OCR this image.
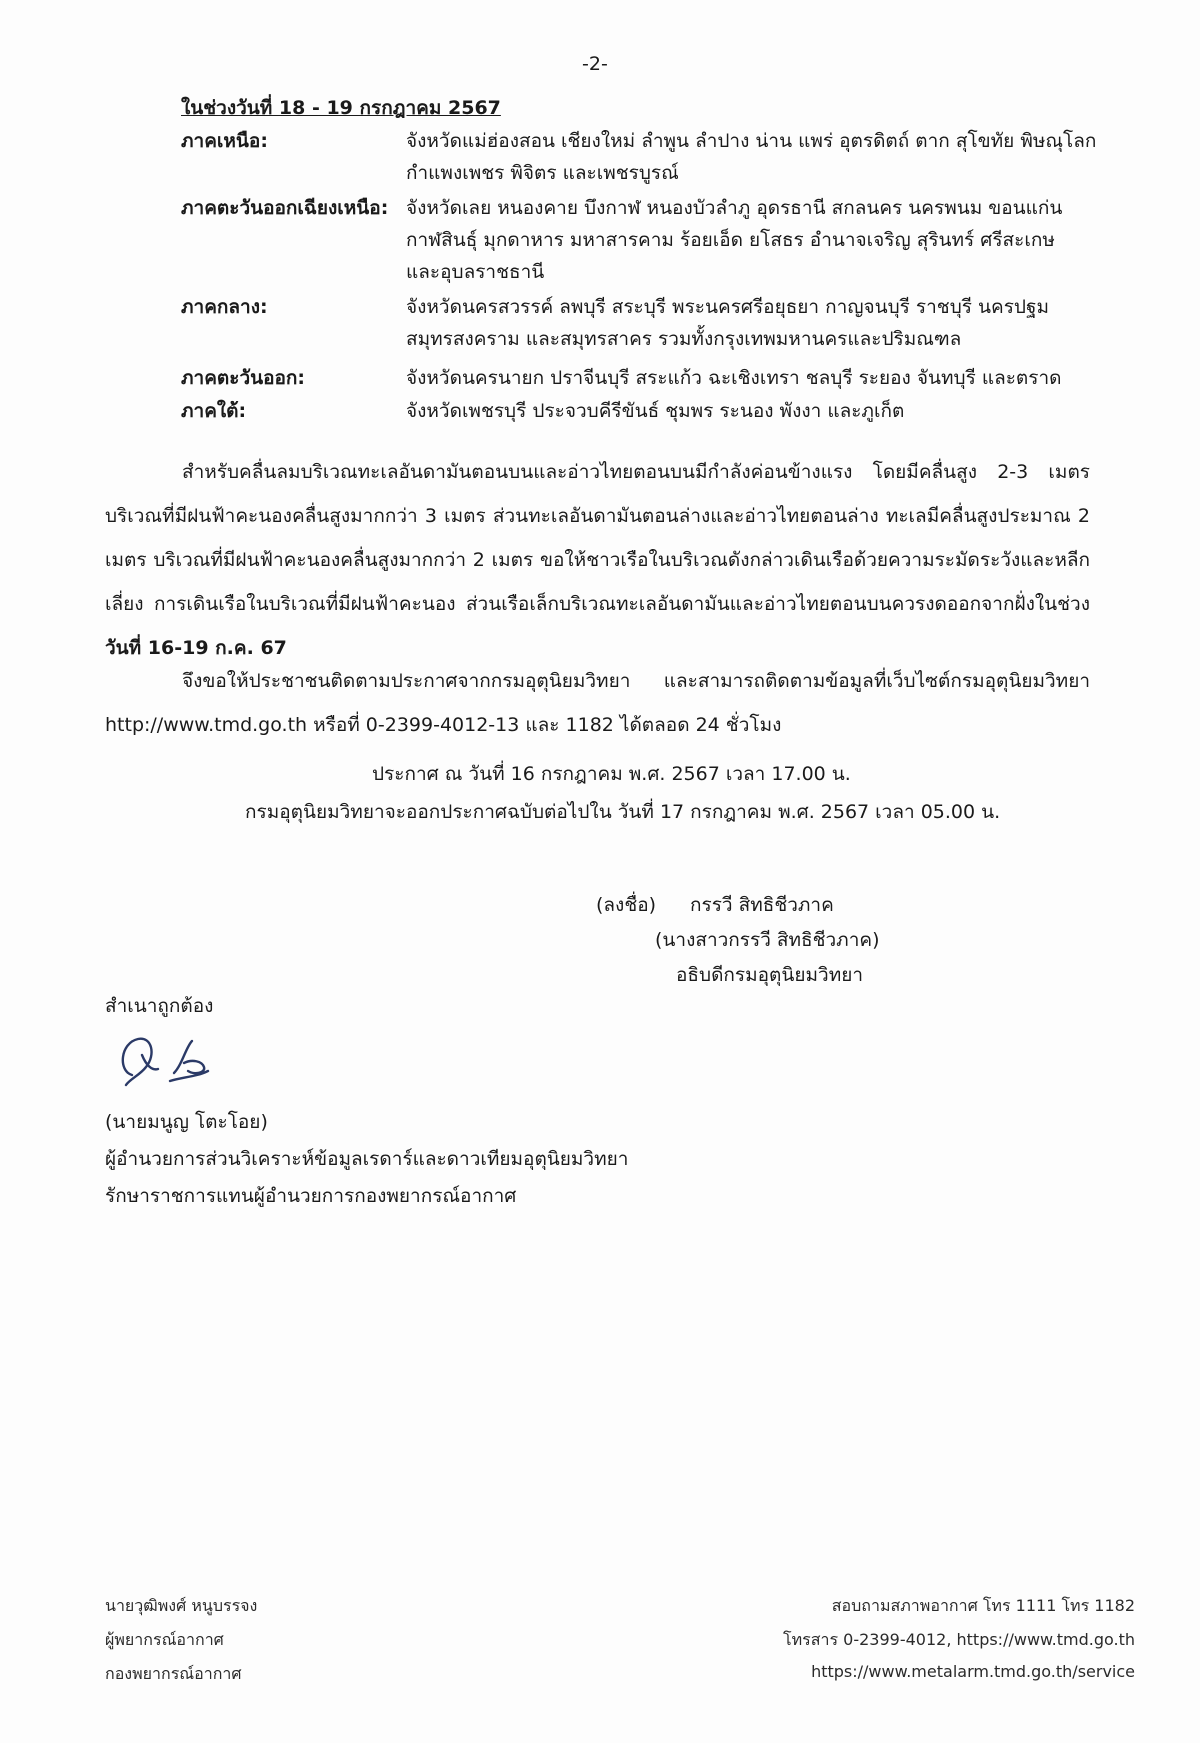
-2-
ในช่วงวันที่ 18 - 19 กรกฎาคม 2567
ภาคเหนือ:	จังหวัดแม่ฮ่องสอน เชียงใหม่ ลำพูน ลำปาง น่าน แพร่ อุตรดิตถ์ ตาก สุโขทัย พิษณุโลก
กำแพงเพชร พิจิตร และเพชรบูรณ์
ภาคตะวันออกเฉียงเหนือ: จังหวัดเลย หนองคาย บึงกาฬ หนองบัวลำภู อุดรธานี สกลนคร นครพนม ขอนแก่น
กาฬสินธุ์ มุกดาหาร มหาสารคาม ร้อยเอ็ด ยโสธร อำนาจเจริญ สุรินทร์ ศรีสะเกษ
และอุบลราชธานี
ภาคกลาง:	จังหวัดนครสวรรค์ ลพบุรี สระบุรี พระนครศรีอยุธยา กาญจนบุรี ราชบุรี นครปฐม
สมุทรสงคราม และสมุทรสาคร รวมทั้งกรุงเทพมหานครและปริมณฑล
ภาคตะวันออก:	จังหวัดนครนายก ปราจีนบุรี สระแก้ว ฉะเชิงเทรา ชลบุรี ระยอง จันทบุรี และตราด
ภาคใต้:	จังหวัดเพชรบุรี ประจวบคีรีขันธ์ ชุมพร ระนอง พังงา และภูเก็ต
สำหรับคลื่นลมบริเวณทะเลอันดามันตอนบนและอ่าวไทยตอนบนมีกำลังค่อนข้างแรง โดยมีคลื่นสูง 2-3 เมตร บริเวณที่มีฝนฟ้าคะนองคลื่นสูงมากกว่า 3 เมตร ส่วนทะเลอันดามันตอนล่างและอ่าวไทยตอนล่าง ทะเลมีคลื่นสูงประมาณ 2 เมตร บริเวณที่มีฝนฟ้าคะนองคลื่นสูงมากกว่า 2 เมตร ขอให้ชาวเรือในบริเวณดังกล่าวเดินเรือด้วยความระมัดระวังและหลีกเลี่ยง การเดินเรือในบริเวณที่มีฝนฟ้าคะนอง ส่วนเรือเล็กบริเวณทะเลอันดามันและอ่าวไทยตอนบนควรงดออกจากฝั่งในช่วงวันที่ 16-19 ก.ค. 67
จึงขอให้ประชาชนติดตามประกาศจากกรมอุตุนิยมวิทยา และสามารถติดตามข้อมูลที่เว็บไซต์กรมอุตุนิยมวิทยา http://www.tmd.go.th หรือที่ 0-2399-4012-13 และ 1182 ได้ตลอด 24 ชั่วโมง
ประกาศ ณ วันที่ 16 กรกฎาคม พ.ศ. 2567 เวลา 17.00 น.
กรมอุตุนิยมวิทยาจะออกประกาศฉบับต่อไปใน วันที่ 17 กรกฎาคม พ.ศ. 2567 เวลา 05.00 น.
(ลงชื่อ) กรรวี สิทธิชีวภาค
(นางสาวกรรวี สิทธิชีวภาค)
อธิบดีกรมอุตุนิยมวิทยา
สำเนาถูกต้อง
(นายมนูญ โตะโอย)
ผู้อำนวยการส่วนวิเคราะห์ข้อมูลเรดาร์และดาวเทียมอุตุนิยมวิทยา
รักษาราชการแทนผู้อำนวยการกองพยากรณ์อากาศ
นายวุฒิพงศ์ หนูบรรจง
ผู้พยากรณ์อากาศ
กองพยากรณ์อากาศ
สอบถามสภาพอากาศ โทร 1111 โทร 1182
โทรสาร 0-2399-4012, https://www.tmd.go.th
https://www.metalarm.tmd.go.th/service
